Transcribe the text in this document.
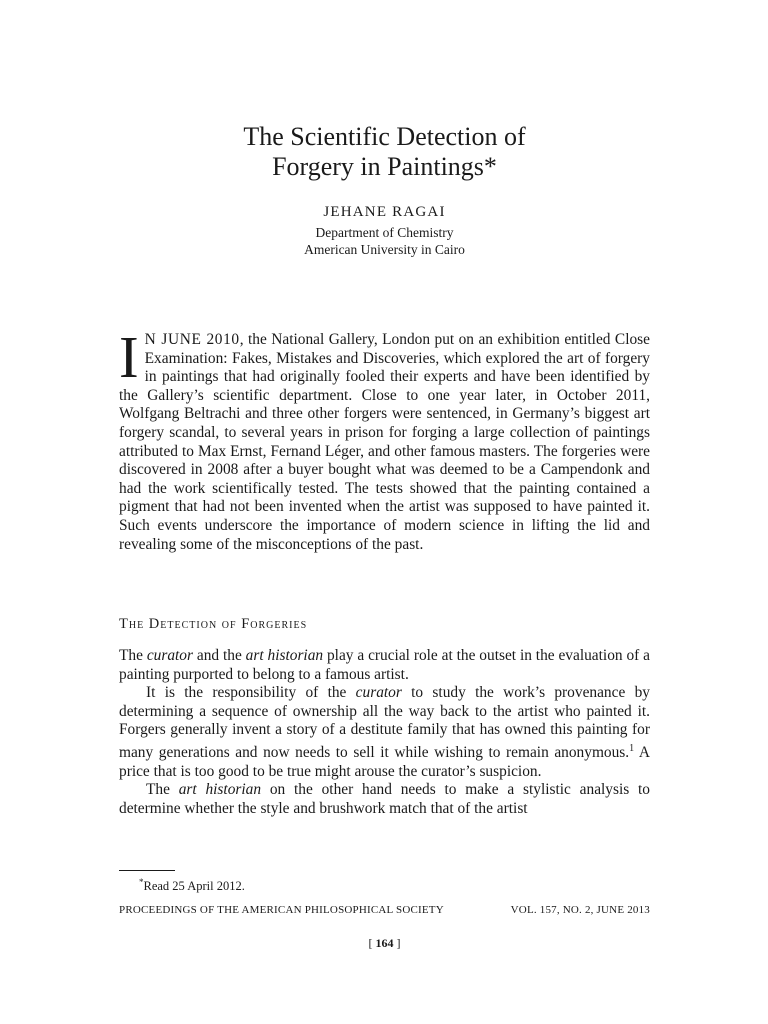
The Scientific Detection of
Forgery in Paintings*
JEHANE RAGAI
Department of Chemistry
American University in Cairo
I N JUNE 2010, the National Gallery, London put on an exhibition entitled Close Examination: Fakes, Mistakes and Discoveries, which explored the art of forgery in paintings that had originally fooled their experts and have been identified by the Gallery’s scientific department. Close to one year later, in October 2011, Wolfgang Beltrachi and three other forgers were sentenced, in Germany’s biggest art forgery scandal, to several years in prison for forging a large collection of paintings attributed to Max Ernst, Fernand Léger, and other famous masters. The forgeries were discovered in 2008 after a buyer bought what was deemed to be a Campendonk and had the work scientifically tested. The tests showed that the painting contained a pigment that had not been invented when the artist was supposed to have painted it. Such events underscore the importance of modern science in lifting the lid and revealing some of the misconceptions of the past.
The Detection of Forgeries

The curator and the art historian play a crucial role at the outset in the evaluation of a painting purported to belong to a famous artist.

It is the responsibility of the curator to study the work’s provenance by determining a sequence of ownership all the way back to the artist who painted it. Forgers generally invent a story of a destitute family that has owned this painting for many generations and now needs to sell it while wishing to remain anonymous.$^1$ A price that is too good to be true might arouse the curator’s suspicion.

The art historian on the other hand needs to make a stylistic analysis to determine whether the style and brushwork match that of the artist

*Read 25 April 2012.
PROCEEDINGS OF THE AMERICAN PHILOSOPHICAL SOCIETY	VOL. 157, NO. 2, JUNE 2013
[ 164 ]
